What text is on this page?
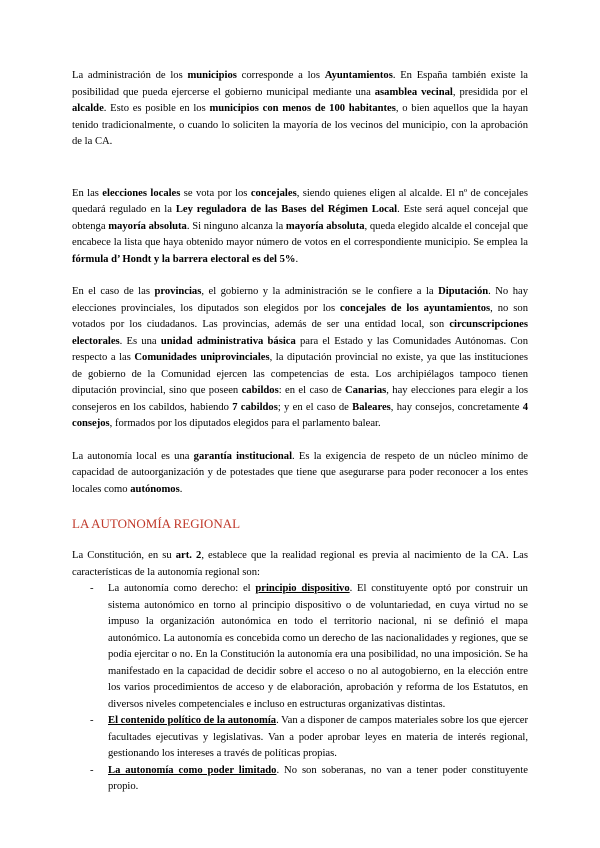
La administración de los municipios corresponde a los Ayuntamientos. En España también existe la posibilidad que pueda ejercerse el gobierno municipal mediante una asamblea vecinal, presidida por el alcalde. Esto es posible en los municipios con menos de 100 habitantes, o bien aquellos que la hayan tenido tradicionalmente, o cuando lo soliciten la mayoría de los vecinos del municipio, con la aprobación de la CA.

En las elecciones locales se vota por los concejales, siendo quienes eligen al alcalde. El nº de concejales quedará regulado en la Ley reguladora de las Bases del Régimen Local. Este será aquel concejal que obtenga mayoría absoluta. Si ninguno alcanza la mayoría absoluta, queda elegido alcalde el concejal que encabece la lista que haya obtenido mayor número de votos en el correspondiente municipio. Se emplea la fórmula d’ Hondt y la barrera electoral es del 5%.

En el caso de las provincias, el gobierno y la administración se le confiere a la Diputación. No hay elecciones provinciales, los diputados son elegidos por los concejales de los ayuntamientos, no son votados por los ciudadanos. Las provincias, además de ser una entidad local, son circunscripciones electorales. Es una unidad administrativa básica para el Estado y las Comunidades Autónomas. Con respecto a las Comunidades uniprovinciales, la diputación provincial no existe, ya que las instituciones de gobierno de la Comunidad ejercen las competencias de esta. Los archipiélagos tampoco tienen diputación provincial, sino que poseen cabildos: en el caso de Canarias, hay elecciones para elegir a los consejeros en los cabildos, habiendo 7 cabildos; y en el caso de Baleares, hay consejos, concretamente 4 consejos, formados por los diputados elegidos para el parlamento balear.

La autonomía local es una garantía institucional. Es la exigencia de respeto de un núcleo mínimo de capacidad de autoorganización y de potestades que tiene que asegurarse para poder reconocer a los entes locales como autónomos.

LA AUTONOMÍA REGIONAL

La Constitución, en su art. 2, establece que la realidad regional es previa al nacimiento de la CA. Las características de la autonomía regional son:

- La autonomía como derecho: el principio dispositivo. El constituyente optó por construir un sistema autonómico en torno al principio dispositivo o de voluntariedad, en cuya virtud no se impuso la organización autonómica en todo el territorio nacional, ni se definió el mapa autonómico. La autonomía es concebida como un derecho de las nacionalidades y regiones, que se podía ejercitar o no. En la Constitución la autonomía era una posibilidad, no una imposición. Se ha manifestado en la capacidad de decidir sobre el acceso o no al autogobierno, en la elección entre los varios procedimientos de acceso y de elaboración, aprobación y reforma de los Estatutos, en diversos niveles competenciales e incluso en estructuras organizativas distintas.
- El contenido político de la autonomía. Van a disponer de campos materiales sobre los que ejercer facultades ejecutivas y legislativas. Van a poder aprobar leyes en materia de interés regional, gestionando los intereses a través de políticas propias.
- La autonomía como poder limitado. No son soberanas, no van a tener poder constituyente propio.
